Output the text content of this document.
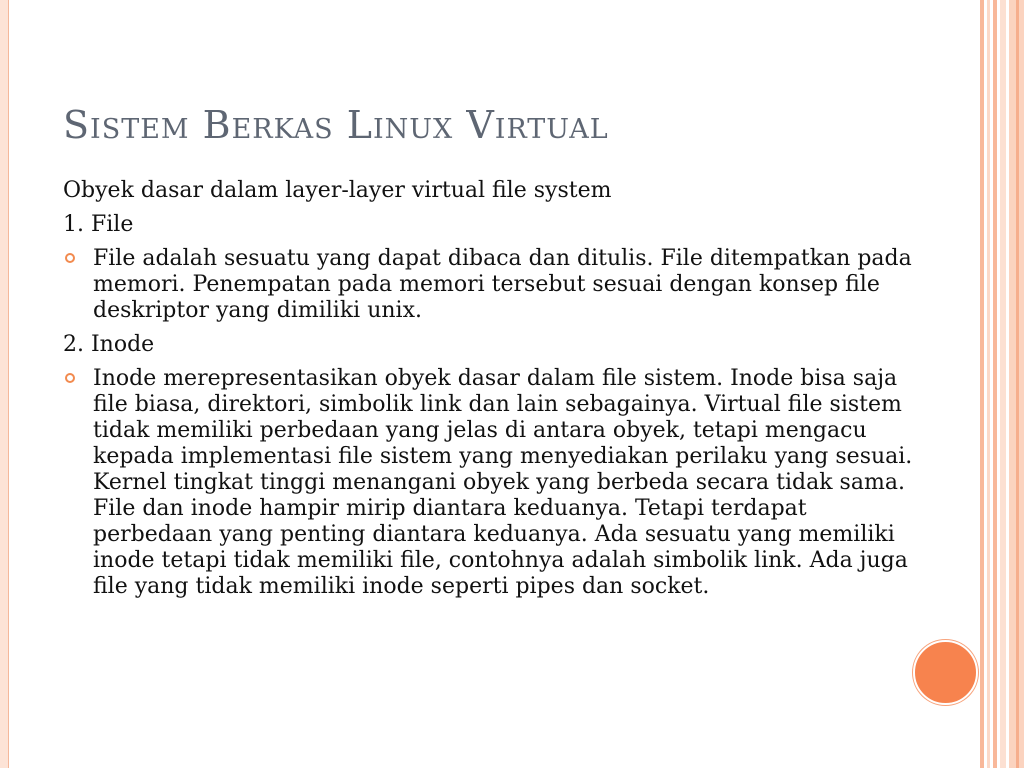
Sistem Berkas Linux Virtual

Obyek dasar dalam layer-layer virtual file system

1. File

File adalah sesuatu yang dapat dibaca dan ditulis. File ditempatkan pada memori. Penempatan pada memori tersebut sesuai dengan konsep file deskriptor yang dimiliki unix.

2. Inode

Inode merepresentasikan obyek dasar dalam file sistem. Inode bisa saja file biasa, direktori, simbolik link dan lain sebagainya. Virtual file sistem tidak memiliki perbedaan yang jelas di antara obyek, tetapi mengacu kepada implementasi file sistem yang menyediakan perilaku yang sesuai. Kernel tingkat tinggi menangani obyek yang berbeda secara tidak sama. File dan inode hampir mirip diantara keduanya. Tetapi terdapat perbedaan yang penting diantara keduanya. Ada sesuatu yang memiliki inode tetapi tidak memiliki file, contohnya adalah simbolik link. Ada juga file yang tidak memiliki inode seperti pipes dan socket.
